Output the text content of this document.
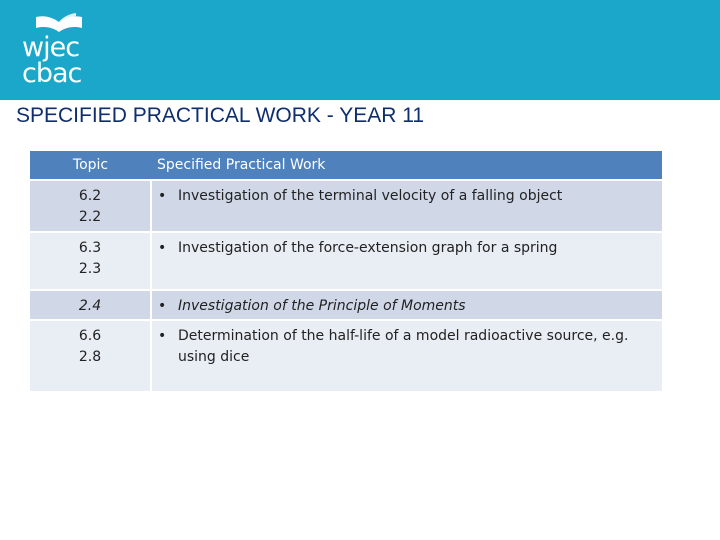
wjec
cbac
SPECIFIED PRACTICAL WORK - YEAR 11
Topic	Specified Practical Work

6.2
2.2	• Investigation of the terminal velocity of a falling object

6.3
2.3	• Investigation of the force-extension graph for a spring

2.4	• Investigation of the Principle of Moments

6.6
2.8	• Determination of the half-life of a model radioactive source, e.g. using dice
